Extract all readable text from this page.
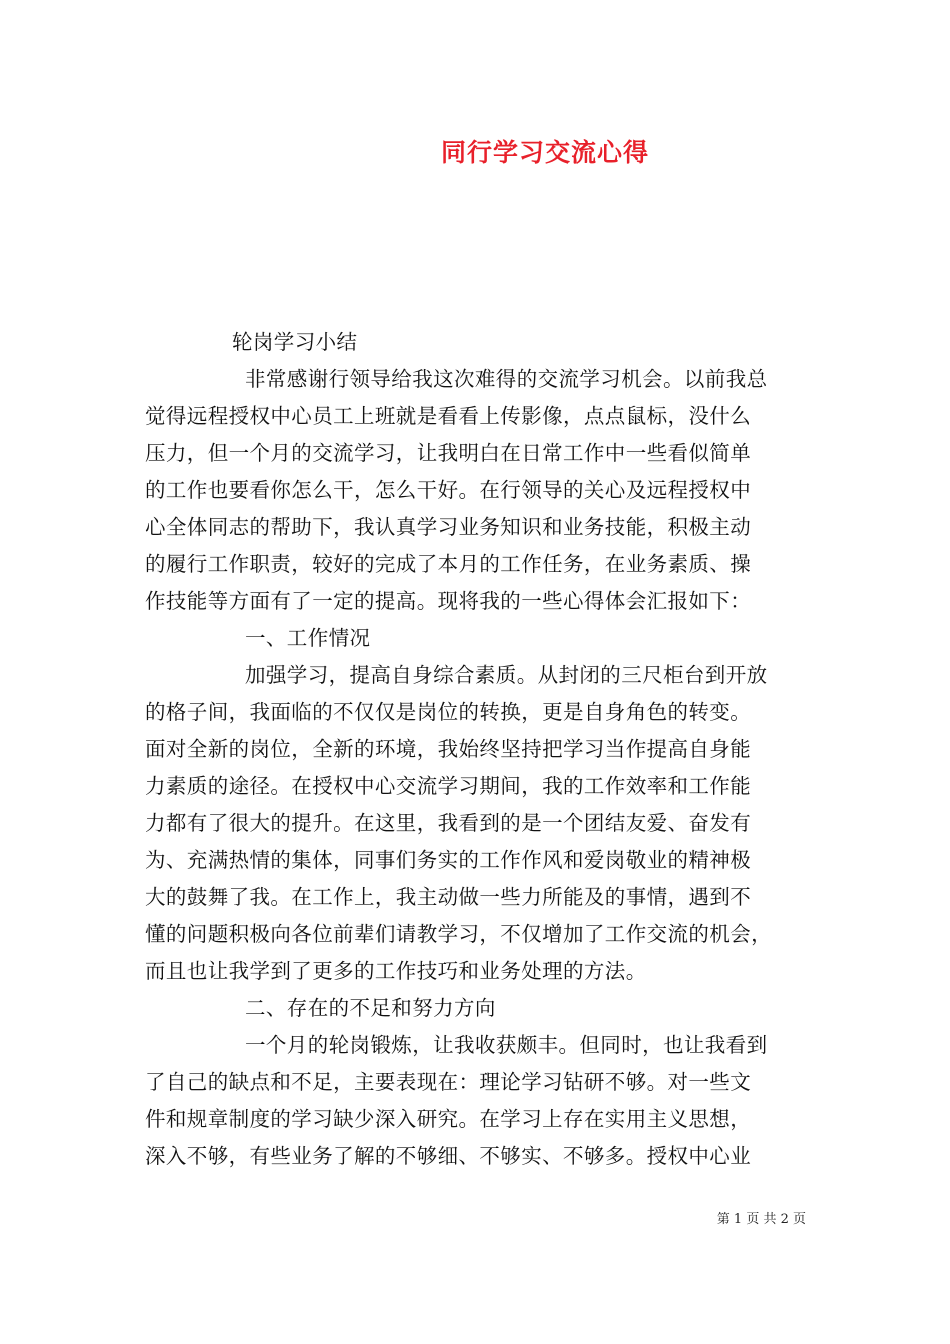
同行学习交流心得
轮岗学习小结
非常感谢行领导给我这次难得的交流学习机会。以前我总
觉得远程授权中心员工上班就是看看上传影像，点点鼠标，没什么
压力，但一个月的交流学习，让我明白在日常工作中一些看似简单
的工作也要看你怎么干，怎么干好。在行领导的关心及远程授权中
心全体同志的帮助下，我认真学习业务知识和业务技能，积极主动
的履行工作职责，较好的完成了本月的工作任务，在业务素质、操
作技能等方面有了一定的提高。现将我的一些心得体会汇报如下：
一、工作情况
加强学习，提高自身综合素质。从封闭的三尺柜台到开放
的格子间，我面临的不仅仅是岗位的转换，更是自身角色的转变。
面对全新的岗位，全新的环境，我始终坚持把学习当作提高自身能
力素质的途径。在授权中心交流学习期间，我的工作效率和工作能
力都有了很大的提升。在这里，我看到的是一个团结友爱、奋发有
为、充满热情的集体，同事们务实的工作作风和爱岗敬业的精神极
大的鼓舞了我。在工作上，我主动做一些力所能及的事情，遇到不
懂的问题积极向各位前辈们请教学习，不仅增加了工作交流的机会，
而且也让我学到了更多的工作技巧和业务处理的方法。
二、存在的不足和努力方向
一个月的轮岗锻炼，让我收获颇丰。但同时，也让我看到
了自己的缺点和不足，主要表现在：理论学习钻研不够。对一些文
件和规章制度的学习缺少深入研究。在学习上存在实用主义思想，
深入不够，有些业务了解的不够细、不够实、不够多。授权中心业
第 1 页 共 2 页
